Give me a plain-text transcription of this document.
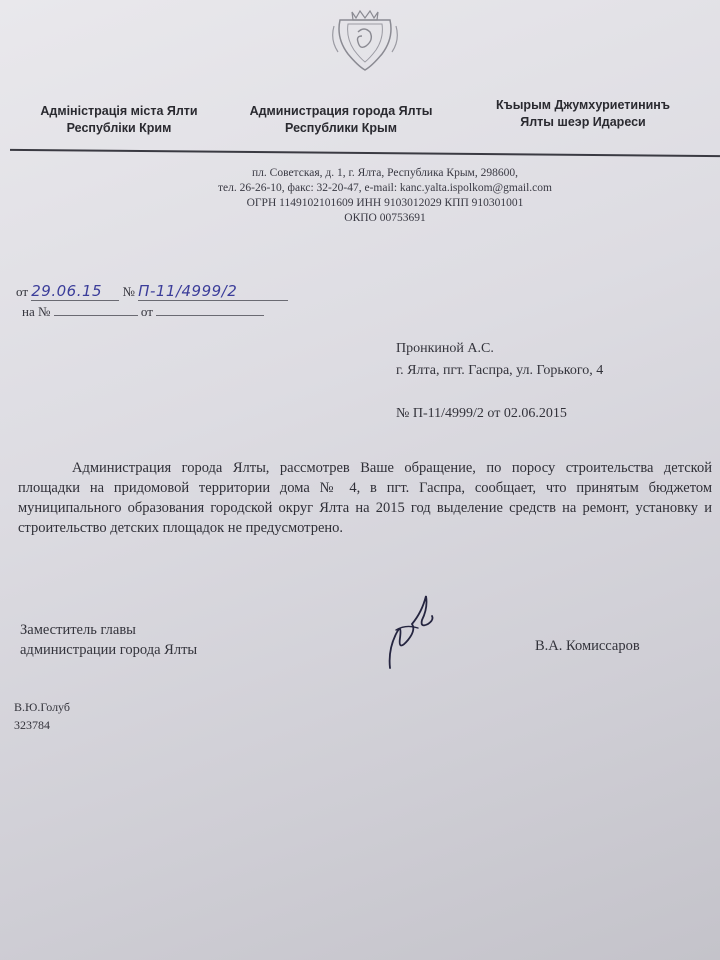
Адміністрація міста Ялти
Республіки Крим
Администрация города Ялты
Республики Крым
Къырым Джумхуриетининъ
Ялты шеэр Идареси
пл. Советская, д. 1, г. Ялта, Республика Крым, 298600,
тел. 26-26-10, факс: 32-20-47, e-mail: kanc.yalta.ispolkom@gmail.com
ОГРН 1149102101609 ИНН 9103012029 КПП 910301001
ОКПО 00753691
от 29.06.15 № П-11/4999/2
на №	от
Пронкиной А.С.
г. Ялта, пгт. Гаспра, ул. Горького, 4
№ П-11/4999/2 от 02.06.2015
Администрация города Ялты, рассмотрев Ваше обращение, по поросу строительства детской площадки на придомовой территории дома № 4, в пгт. Гаспра, сообщает, что принятым бюджетом муниципального образования городской округ Ялта на 2015 год выделение средств на ремонт, установку и строительство детских площадок не предусмотрено.
Заместитель главы
администрации города Ялты	В.А. Комиссаров
В.Ю.Голуб
323784
